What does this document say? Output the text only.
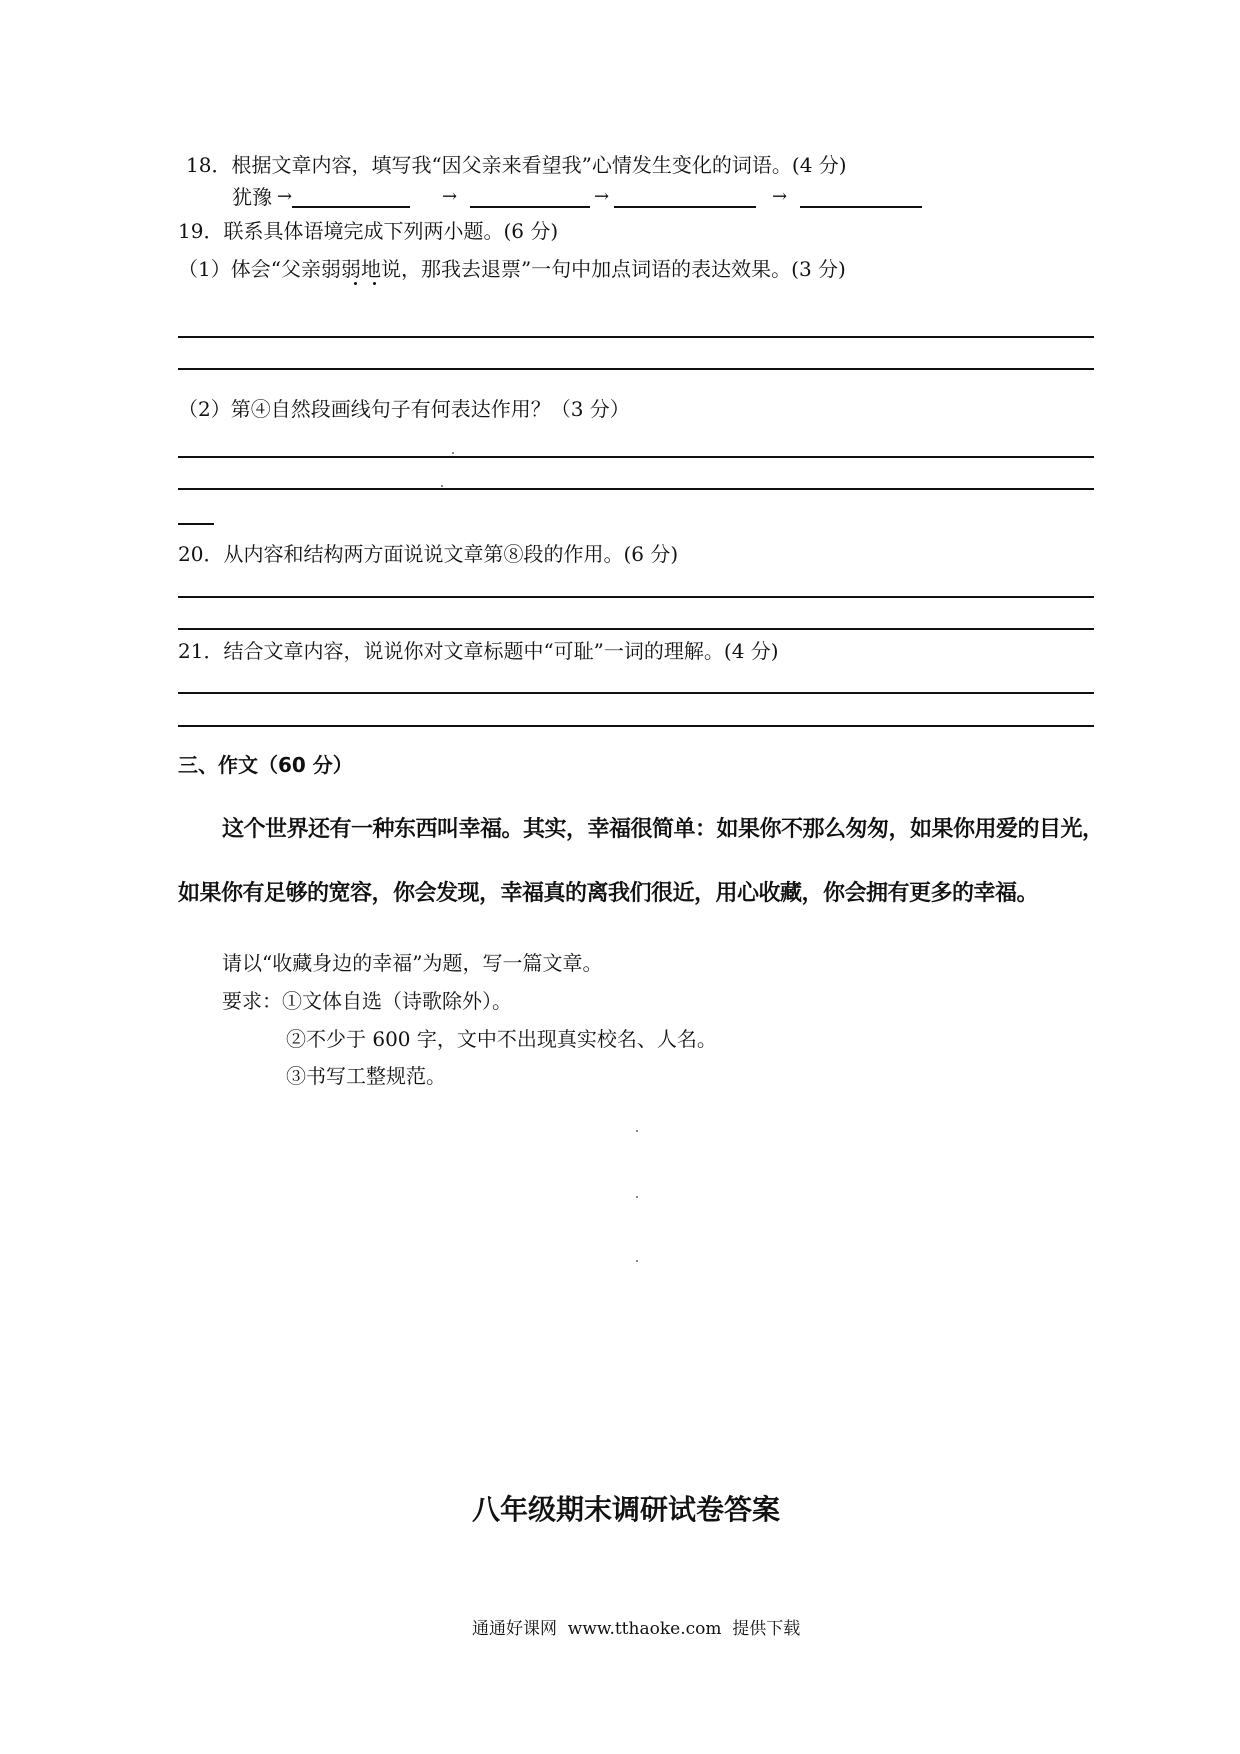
18．根据文章内容，填写我“因父亲来看望我”心情发生变化的词语。(4 分)
犹豫 →	→	→	→
19．联系具体语境完成下列两小题。(6 分)
（1）体会“父亲弱弱地说，那我去退票”一句中加点词语的表达效果。(3 分)
（2）第④自然段画线句子有何表达作用？（3 分）
20．从内容和结构两方面说说文章第⑧段的作用。(6 分)
21．结合文章内容，说说你对文章标题中“可耻”一词的理解。(4 分)
三、作文（60 分）
这个世界还有一种东西叫幸福。其实，幸福很简单：如果你不那么匆匆，如果你用爱的目光，
如果你有足够的宽容，你会发现，幸福真的离我们很近，用心收藏，你会拥有更多的幸福。
请以“收藏身边的幸福”为题，写一篇文章。
要求：①文体自选（诗歌除外）。
②不少于 600 字，文中不出现真实校名、人名。
③书写工整规范。
八年级期末调研试卷答案
通通好课网  www.tthaoke.com  提供下载
